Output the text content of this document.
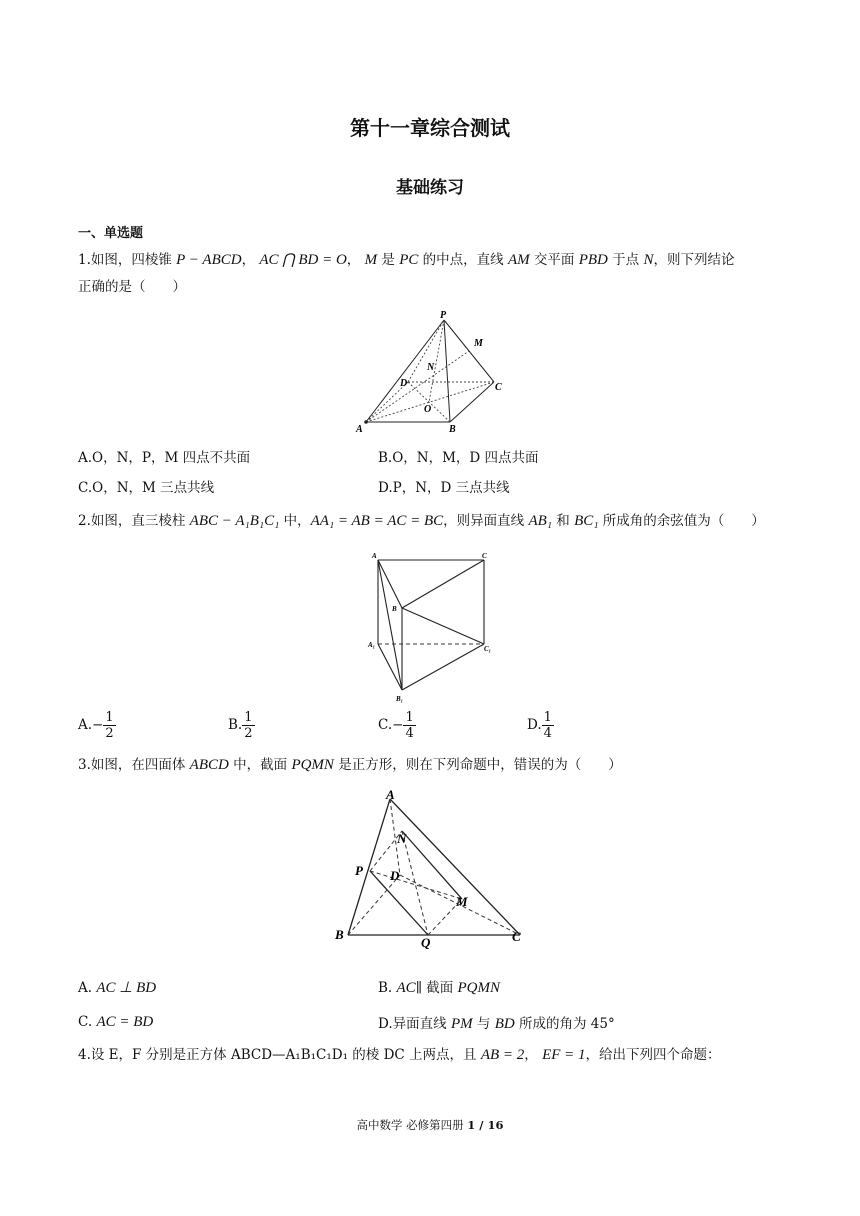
第十一章综合测试
基础练习
一、单选题
1.如图，四棱锥 P − ABCD， AC ⋂ BD = O， M 是 PC 的中点，直线 AM 交平面 PBD 于点 N，则下列结论
正确的是（　　）
P
M
N
D	C
O
A	B
A.O，N，P，M 四点不共面	B.O，N，M，D 四点共面
C.O，N，M 三点共线	D.P，N，D 三点共线
2.如图，直三棱柱 ABC − A₁B₁C₁ 中，AA₁ = AB = AC = BC，则异面直线 AB₁ 和 BC₁ 所成角的余弦值为（　　）
A	C
B
A₁	C₁
B₁
$A.- \frac{1}{2}$	B. $\frac{1}{2}$	$C.- \frac{1}{4}$	D. $\frac{1}{4}$
3.如图，在四面体 ABCD 中，截面 PQMN 是正方形，则在下列命题中，错误的为（　　）
A
N
P D
M
B
Q	C
A. AC ⊥ BD	B. AC∥ 截面 PQMN
C. AC = BD	D.异面直线 PM 与 BD 所成的角为 45°
4.设 E，F 分别是正方体 ABCD—A₁B₁C₁D₁ 的棱 DC 上两点，且 AB = 2， EF = 1，给出下列四个命题：
高中数学 必修第四册 1 / 16
